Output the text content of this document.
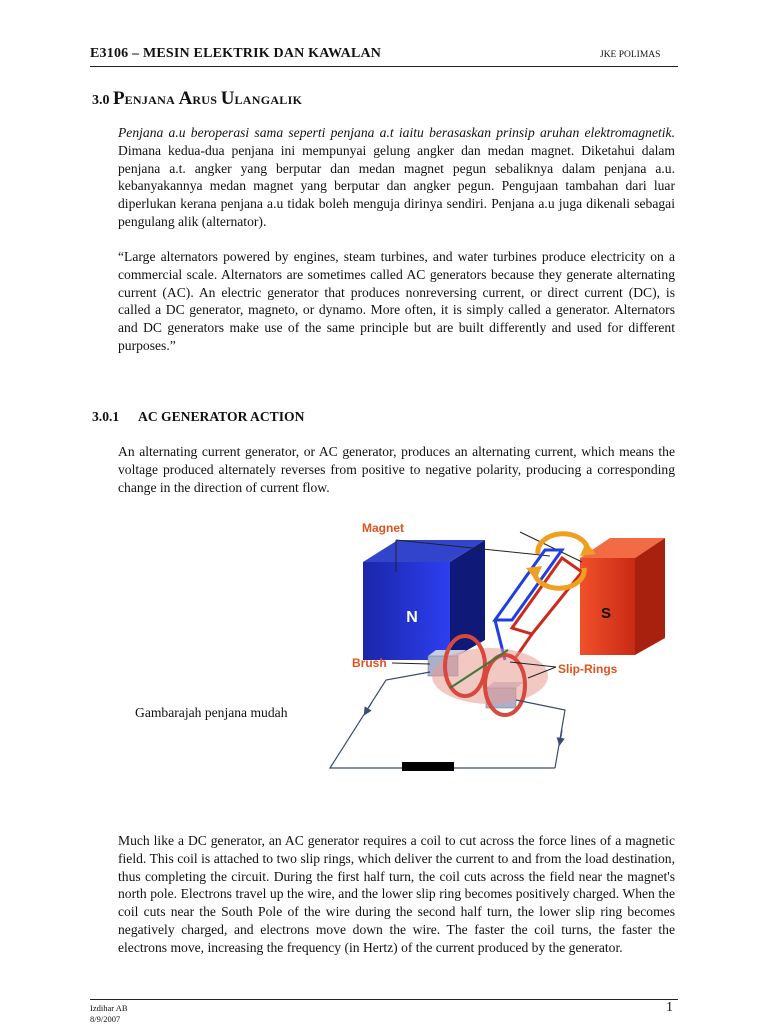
E3106 – MESIN ELEKTRIK DAN KAWALAN	JKE POLIMAS
3.0 PENJANA ARUS ULANGALIK

Penjana a.u beroperasi sama seperti penjana a.t iaitu berasaskan prinsip aruhan elektromagnetik. Dimana kedua-dua penjana ini mempunyai gelung angker dan medan magnet. Diketahui dalam penjana a.t. angker yang berputar dan medan magnet pegun sebaliknya dalam penjana a.u. kebanyakannya medan magnet yang berputar dan angker pegun. Pengujaan tambahan dari luar diperlukan kerana penjana a.u tidak boleh menguja dirinya sendiri. Penjana a.u juga dikenali sebagai pengulang alik (alternator).

“Large alternators powered by engines, steam turbines, and water turbines produce electricity on a commercial scale. Alternators are sometimes called AC generators because they generate alternating current (AC). An electric generator that produces nonreversing current, or direct current (DC), is called a DC generator, magneto, or dynamo. More often, it is simply called a generator. Alternators and DC generators make use of the same principle but are built differently and used for different purposes.”

3.0.1 AC GENERATOR ACTION

An alternating current generator, or AC generator, produces an alternating current, which means the voltage produced alternately reverses from positive to negative polarity, producing a corresponding change in the direction of current flow.

Gambarajah penjana mudah
N	S
Magnet
Brush	Slip-Rings

Much like a DC generator, an AC generator requires a coil to cut across the force lines of a magnetic field. This coil is attached to two slip rings, which deliver the current to and from the load destination, thus completing the circuit. During the first half turn, the coil cuts across the field near the magnet's north pole. Electrons travel up the wire, and the lower slip ring becomes positively charged. When the coil cuts near the South Pole of the wire during the second half turn, the lower slip ring becomes negatively charged, and electrons move down the wire. The faster the coil turns, the faster the electrons move, increasing the frequency (in Hertz) of the current produced by the generator.

Izdihar AB
8/9/2007
1
